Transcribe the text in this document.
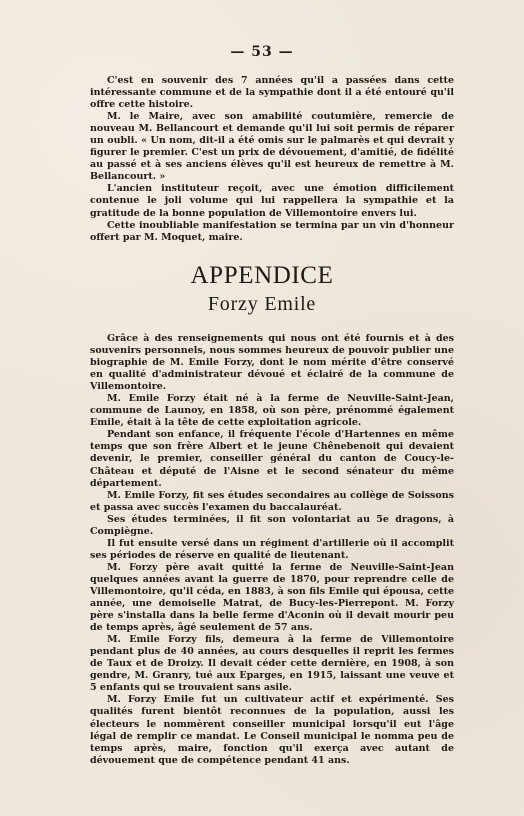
— 53 —

C'est en souvenir des 7 années qu'il a passées dans cette intéressante commune et de la sympathie dont il a été entouré qu'il offre cette histoire.

M. le Maire, avec son amabilité coutumière, remercie de nouveau M. Bellancourt et demande qu'il lui soit permis de réparer un oubli. « Un nom, dit-il a été omis sur le palmarès et qui devrait y figurer le premier. C'est un prix de dévouement, d'amitié, de fidélité au passé et à ses anciens élèves qu'il est heureux de remettre à M. Bellancourt. »

L'ancien instituteur reçoit, avec une émotion difficilement contenue le joli volume qui lui rappellera la sympathie et la gratitude de la bonne population de Villemontoire envers lui.

Cette inoubliable manifestation se termina par un vin d'honneur offert par M. Moquet, maire.

APPENDICE
Forzy Emile

Grâce à des renseignements qui nous ont été fournis et à des souvenirs personnels, nous sommes heureux de pouvoir publier une biographie de M. Emile Forzy, dont le nom mérite d'être conservé en qualité d'administrateur dévoué et éclairé de la commune de Villemontoire.

M. Emile Forzy était né à la ferme de Neuville-Saint-Jean, commune de Launoy, en 1858, où son père, prénommé également Emile, était à la tête de cette exploitation agricole.

Pendant son enfance, il fréquente l'école d'Hartennes en même temps que son frère Albert et le jeune Chênebenoit qui devaient devenir, le premier, conseiller général du canton de Coucy-le-Château et député de l'Aisne et le second sénateur du même département.

M. Emile Forzy, fit ses études secondaires au collège de Soissons et passa avec succès l'examen du baccalauréat.

Ses études terminées, il fit son volontariat au 5e dragons, à Compiègne.

Il fut ensuite versé dans un régiment d'artillerie où il accomplit ses périodes de réserve en qualité de lieutenant.

M. Forzy père avait quitté la ferme de Neuville-Saint-Jean quelques années avant la guerre de 1870, pour reprendre celle de Villemontoire, qu'il céda, en 1883, à son fils Emile qui épousa, cette année, une demoiselle Matrat, de Bucy-les-Pierrepont. M. Forzy père s'installa dans la belle ferme d'Aconin où il devait mourir peu de temps après, âgé seulement de 57 ans.

M. Emile Forzy fils, demeura à la ferme de Villemontoire pendant plus de 40 années, au cours desquelles il reprit les fermes de Taux et de Droizy. Il devait céder cette dernière, en 1908, à son gendre, M. Granry, tué aux Eparges, en 1915, laissant une veuve et 5 enfants qui se trouvaient sans asile.

M. Forzy Emile fut un cultivateur actif et expérimenté. Ses qualités furent bientôt reconnues de la population, aussi les électeurs le nommèrent conseiller municipal lorsqu'il eut l'âge légal de remplir ce mandat. Le Conseil municipal le nomma peu de temps après, maire, fonction qu'il exerça avec autant de dévouement que de compétence pendant 41 ans.
